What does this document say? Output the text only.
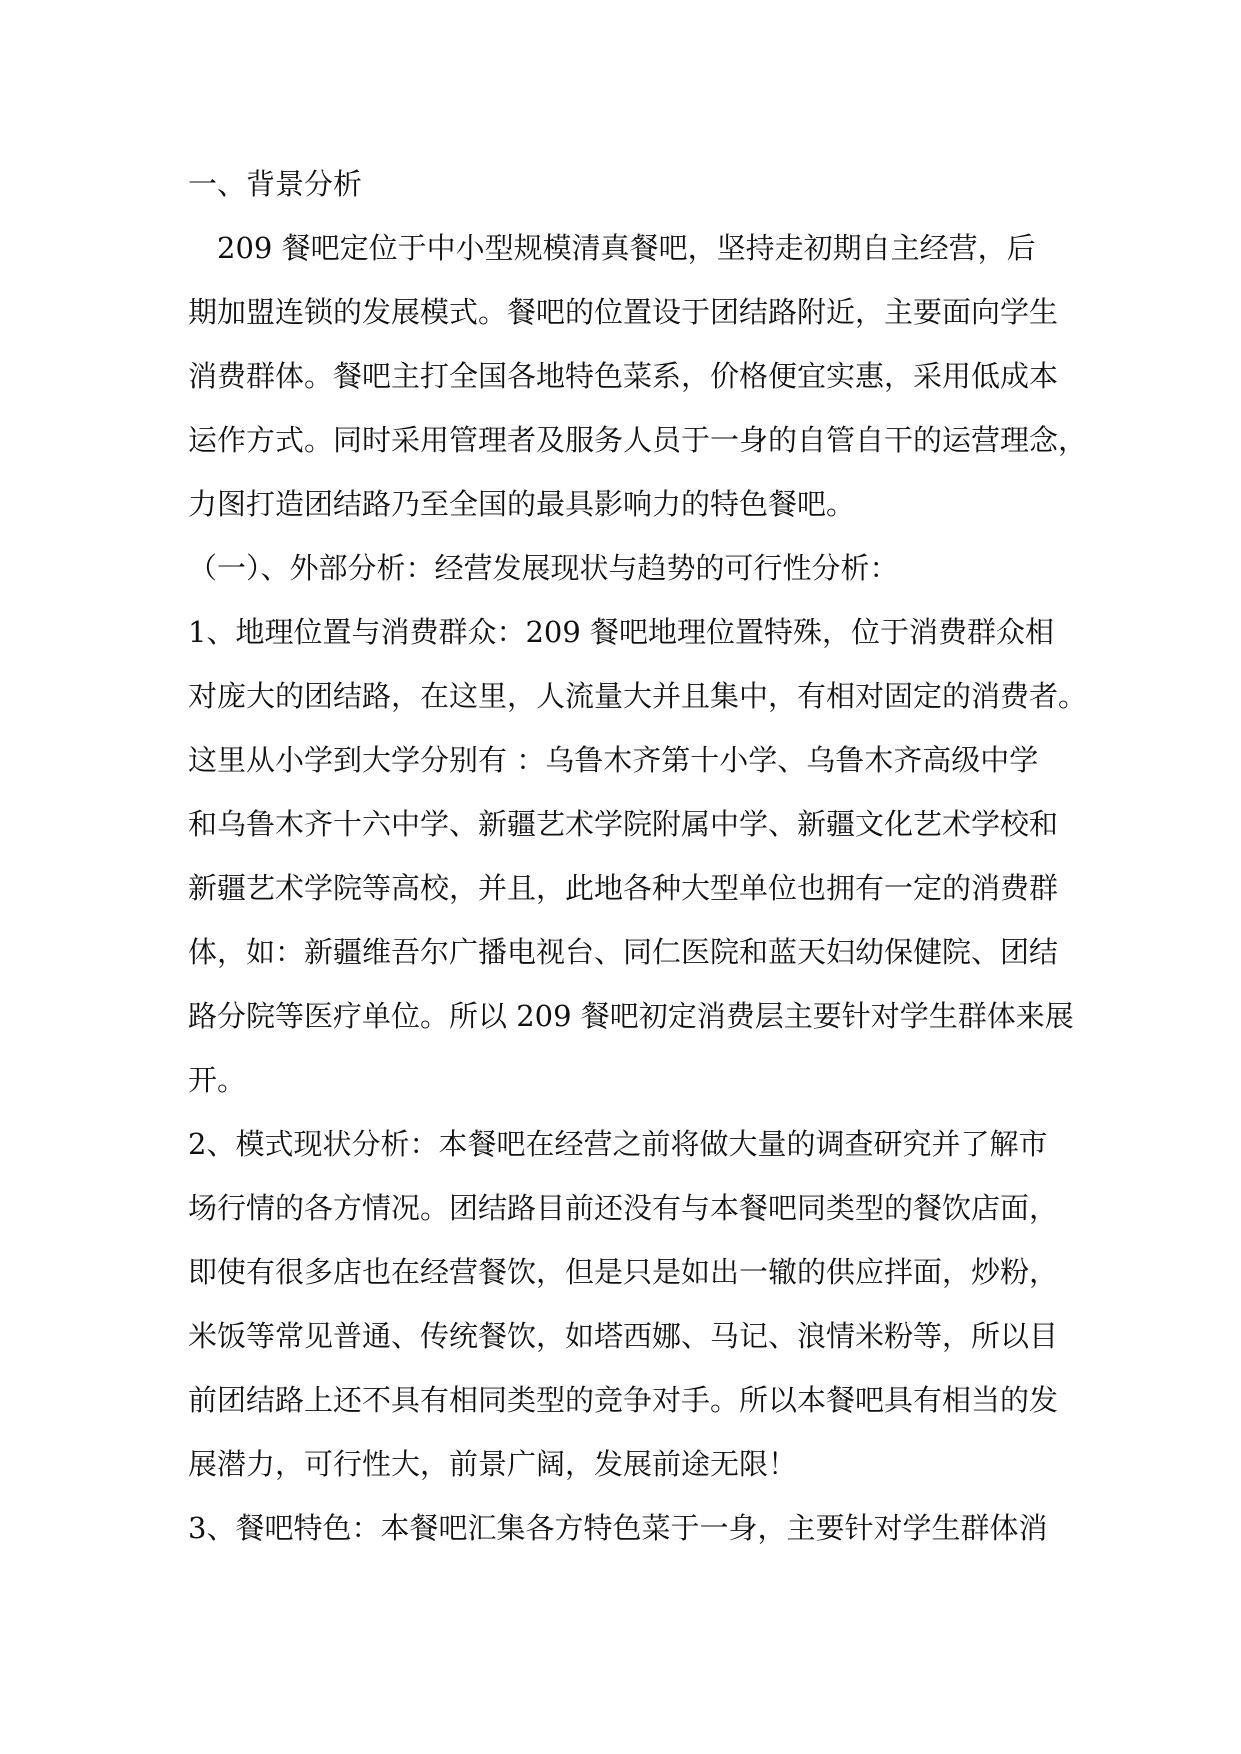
一、背景分析
　209 餐吧定位于中小型规模清真餐吧，坚持走初期自主经营，后
期加盟连锁的发展模式。餐吧的位置设于团结路附近，主要面向学生
消费群体。餐吧主打全国各地特色菜系，价格便宜实惠，采用低成本
运作方式。同时采用管理者及服务人员于一身的自管自干的运营理念，
力图打造团结路乃至全国的最具影响力的特色餐吧。
（一）、外部分析：经营发展现状与趋势的可行性分析：
1、地理位置与消费群众：209 餐吧地理位置特殊，位于消费群众相
对庞大的团结路，在这里，人流量大并且集中，有相对固定的消费者。
这里从小学到大学分别有 ：乌鲁木齐第十小学、乌鲁木齐高级中学
和乌鲁木齐十六中学、新疆艺术学院附属中学、新疆文化艺术学校和
新疆艺术学院等高校，并且，此地各种大型单位也拥有一定的消费群
体，如：新疆维吾尔广播电视台、同仁医院和蓝天妇幼保健院、团结
路分院等医疗单位。所以 209 餐吧初定消费层主要针对学生群体来展
开。
2、模式现状分析：本餐吧在经营之前将做大量的调查研究并了解市
场行情的各方情况。团结路目前还没有与本餐吧同类型的餐饮店面，
即使有很多店也在经营餐饮，但是只是如出一辙的供应拌面，炒粉，
米饭等常见普通、传统餐饮，如塔西娜、马记、浪情米粉等，所以目
前团结路上还不具有相同类型的竞争对手。所以本餐吧具有相当的发
展潜力，可行性大，前景广阔，发展前途无限！
3、餐吧特色：本餐吧汇集各方特色菜于一身，主要针对学生群体消
